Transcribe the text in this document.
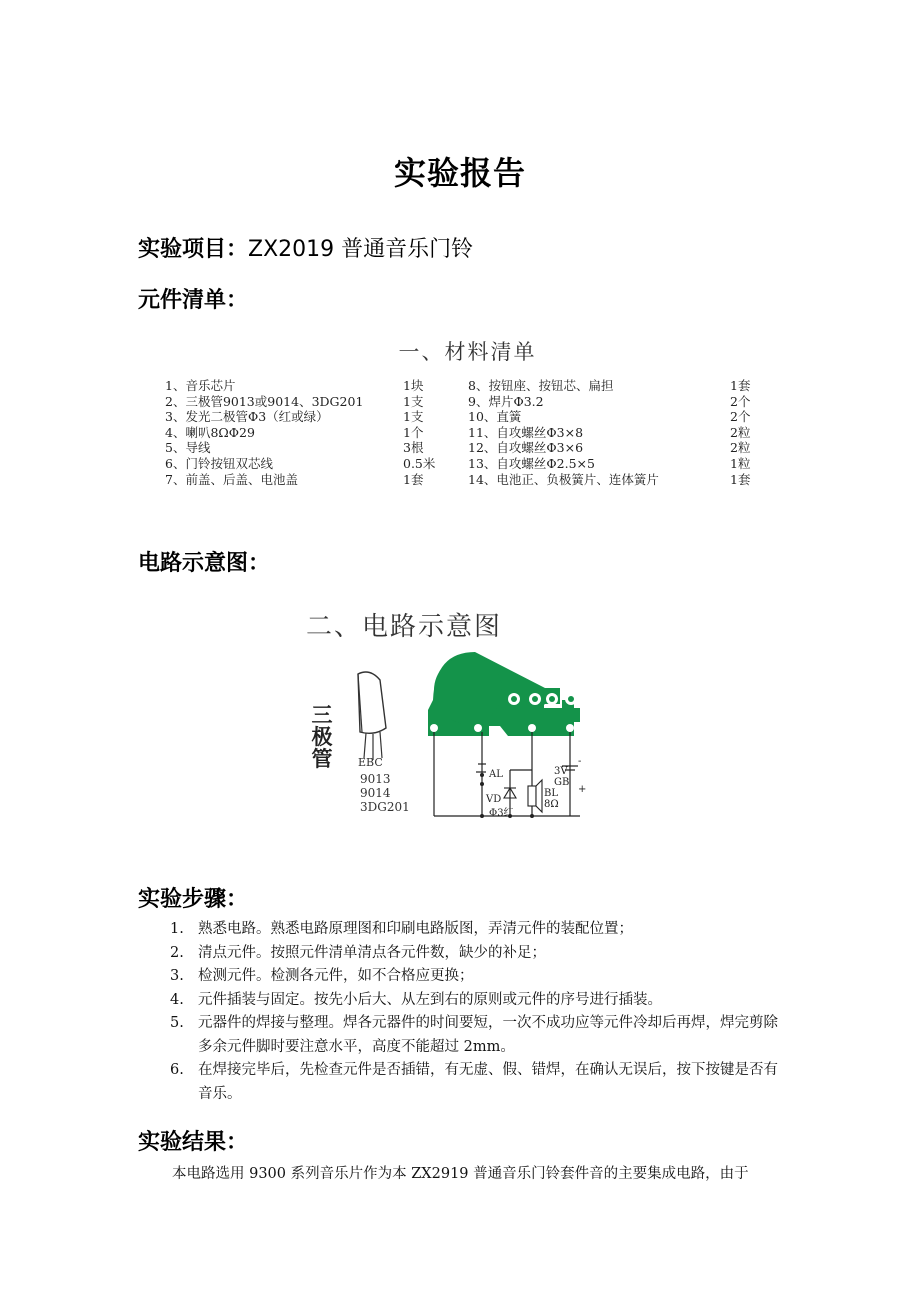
实验报告
实验项目：ZX2019 普通音乐门铃
元件清单：
一、材料清单
1、音乐芯片	1块	8、按钮座、按钮芯、扁担	1套
2、三极管9013或9014、3DG201	1支	9、焊片Φ3.2	2个
3、发光二极管Φ3（红或绿）	1支	10、直簧	2个
4、喇叭8ΩΦ29	1个	11、自攻螺丝Φ3×8	2粒
5、导线	3根	12、自攻螺丝Φ3×6	2粒
6、门铃按钮双芯线	0.5米	13、自攻螺丝Φ2.5×5	1粒
7、前盖、后盖、电池盖	1套	14、电池正、负极簧片、连体簧片	1套
电路示意图：
二、电路示意图
三
极
管 EBC
9013
9014
3DG201
AL
VD
Φ3红
3V
GB
BL
8Ω
+
-
实验步骤：
1. 熟悉电路。熟悉电路原理图和印刷电路版图，弄清元件的装配位置；
2. 清点元件。按照元件清单清点各元件数，缺少的补足；
3. 检测元件。检测各元件，如不合格应更换；
4. 元件插装与固定。按先小后大、从左到右的原则或元件的序号进行插装。
5. 元器件的焊接与整理。焊各元器件的时间要短，一次不成功应等元件冷却后再焊，焊完剪除多余元件脚时要注意水平，高度不能超过 2mm。
6. 在焊接完毕后，先检查元件是否插错，有无虚、假、错焊，在确认无误后，按下按键是否有音乐。
实验结果：
本电路选用 9300 系列音乐片作为本 ZX2919 普通音乐门铃套件音的主要集成电路，由于
